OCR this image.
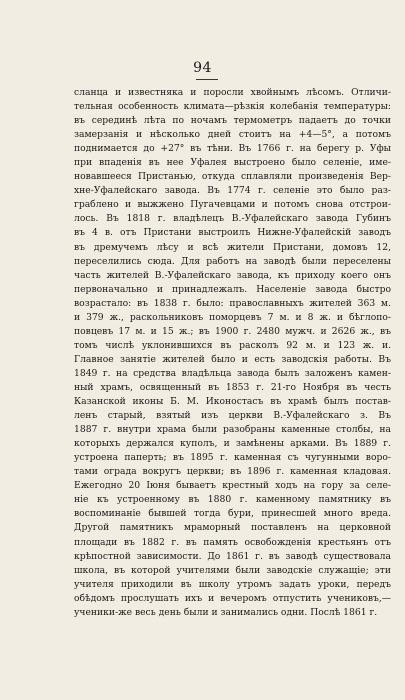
94
сланца и известняка и поросли хвойнымъ лѣсомъ. Отличи-
тельная особенность климата—рѣзкія колебанія температуры:
въ серединѣ лѣта по ночамъ термометръ падаетъ до точки
замерзанія и нѣсколько дней стоитъ на +4—5°, а потомъ
поднимается до +27° въ тѣни. Въ 1766 г. на берегу р. Уфы
при впаденія въ нее Уфалея выстроено было селеніе, име-
новавшееся Пристанью, откуда сплавляли произведенія Вер-
хне-Уфалейскаго завода. Въ 1774 г. селеніе это было раз-
граблено и выжжено Пугачевцами и потомъ снова отстрои-
лось. Въ 1818 г. владѣлецъ В.-Уфалейскаго завода Губинъ
въ 4 в. отъ Пристани выстроилъ Нижне-Уфалейскій заводъ
въ дремучемъ лѣсу и всѣ жители Пристани, домовъ 12,
переселились сюда. Для работъ на заводѣ были переселены
часть жителей В.-Уфалейскаго завода, къ приходу коего онъ
первоначально и принадлежалъ. Населеніе завода быстро
возрастало: въ 1838 г. было: православныхъ жителей 363 м.
и 379 ж., раскольниковъ поморцевъ 7 м. и 8 ж. и бѣглопо-
повцевъ 17 м. и 15 ж.; въ 1900 г. 2480 мужч. и 2626 ж., въ
томъ числѣ уклонившихся въ расколъ 92 м. и 123 ж. и.
Главное занятіе жителей было и есть заводскія работы. Въ
1849 г. на средства владѣльца завода былъ заложенъ камен-
ный храмъ, освященный въ 1853 г. 21-го Ноября въ честь
Казанской иконы Б. М. Иконостасъ въ храмѣ былъ постав-
ленъ старый, взятый изъ церкви В.-Уфалейскаго з. Въ
1887 г. внутри храма были разобраны каменные столбы, на
которыхъ держался куполъ, и замѣнены арками. Въ 1889 г.
устроена паперть; въ 1895 г. каменная съ чугунными воро-
тами ограда вокругъ церкви; въ 1896 г. каменная кладовая.
Ежегодно 20 Іюня бываетъ крестный ходъ на гору за селе-
ніе къ устроенному въ 1880 г. каменному памятнику въ
воспоминаніе бывшей тогда бури, принесшей много вреда.
Другой памятникъ мраморный поставленъ на церковной
площади въ 1882 г. въ память освобожденія крестьянъ отъ
крѣпостной зависимости. До 1861 г. въ заводѣ существовала
школа, въ которой учителями были заводскіе служащіе; эти
учителя приходили въ школу утромъ задать уроки, передъ
обѣдомъ прослушать ихъ и вечеромъ отпустить учениковъ,—
ученики-же весь день были и занимались одни. Послѣ 1861 г.
